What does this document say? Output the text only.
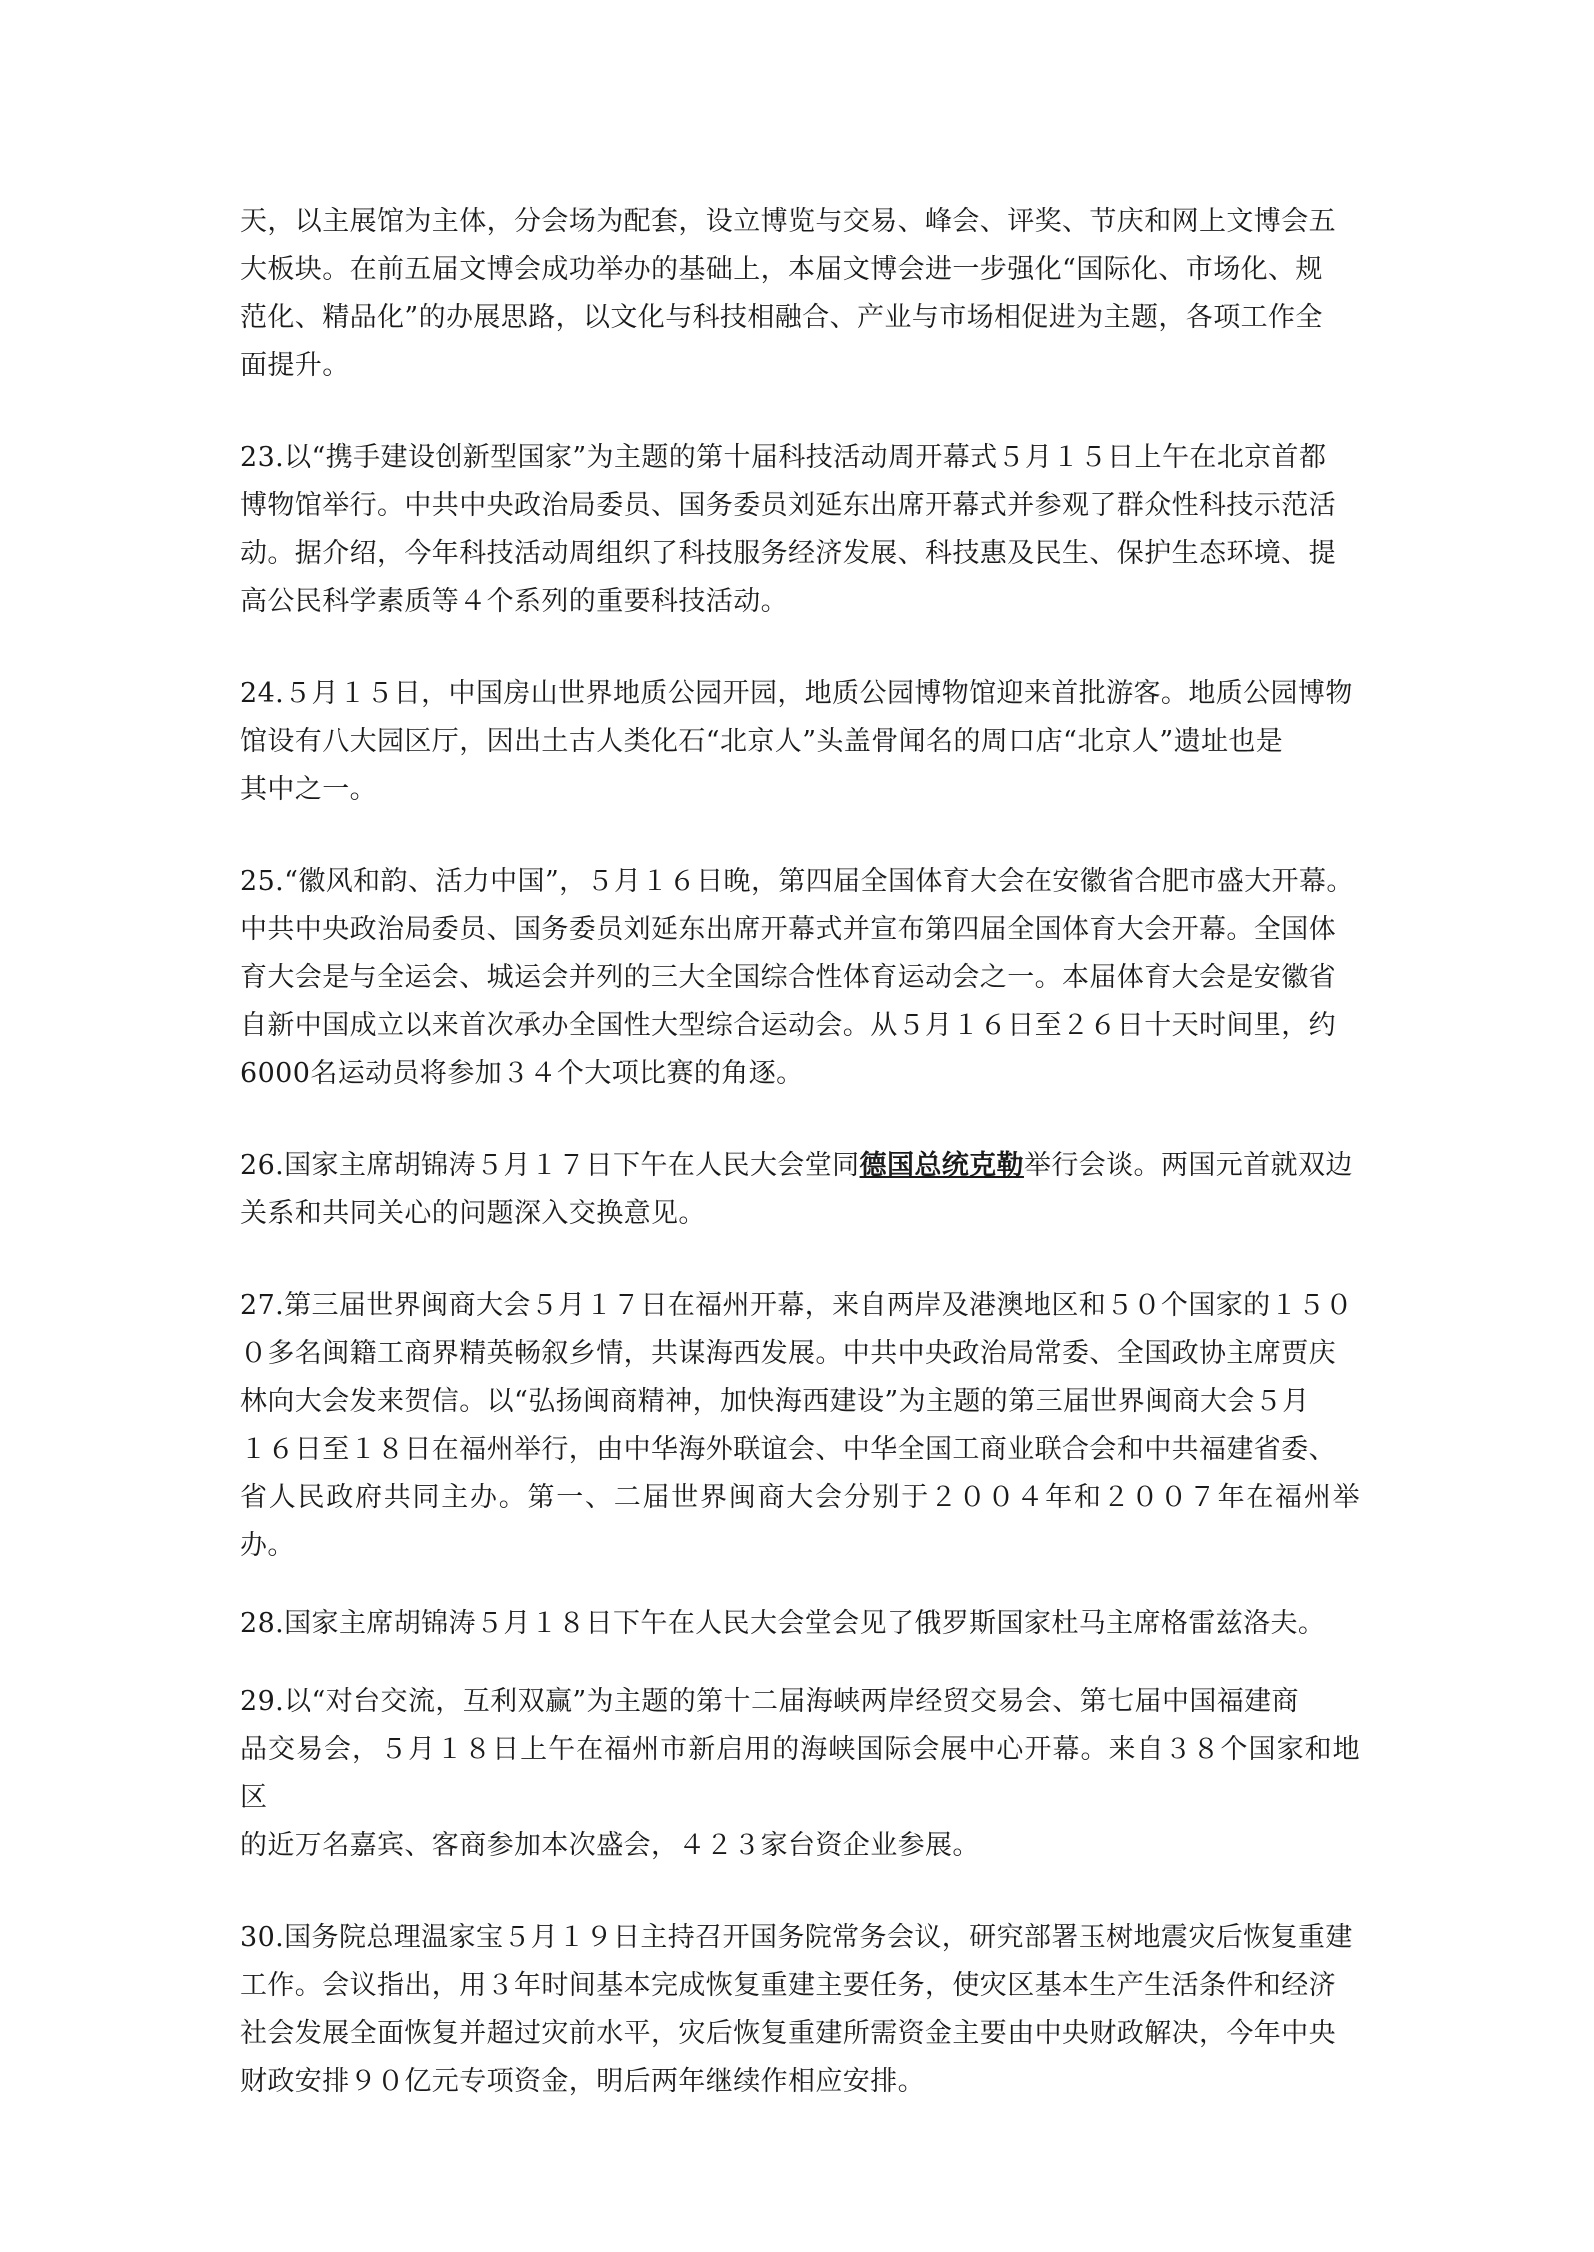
天，以主展馆为主体，分会场为配套，设立博览与交易、峰会、评奖、节庆和网上文博会五
大板块。在前五届文博会成功举办的基础上，本届文博会进一步强化“国际化、市场化、规
范化、精品化”的办展思路，以文化与科技相融合、产业与市场相促进为主题，各项工作全
面提升。

23.以“携手建设创新型国家”为主题的第十届科技活动周开幕式５月１５日上午在北京首都
博物馆举行。中共中央政治局委员、国务委员刘延东出席开幕式并参观了群众性科技示范活
动。据介绍，今年科技活动周组织了科技服务经济发展、科技惠及民生、保护生态环境、提
高公民科学素质等４个系列的重要科技活动。

24.５月１５日，中国房山世界地质公园开园，地质公园博物馆迎来首批游客。地质公园博物
馆设有八大园区厅，因出土古人类化石“北京人”头盖骨闻名的周口店“北京人”遗址也是
其中之一。

25.“徽风和韵、活力中国”，５月１６日晚，第四届全国体育大会在安徽省合肥市盛大开幕。
中共中央政治局委员、国务委员刘延东出席开幕式并宣布第四届全国体育大会开幕。全国体
育大会是与全运会、城运会并列的三大全国综合性体育运动会之一。本届体育大会是安徽省
自新中国成立以来首次承办全国性大型综合运动会。从５月１６日至２６日十天时间里，约
6000名运动员将参加３４个大项比赛的角逐。

26.国家主席胡锦涛５月１７日下午在人民大会堂同德国总统克勒举行会谈。两国元首就双边
关系和共同关心的问题深入交换意见。

27.第三届世界闽商大会５月１７日在福州开幕，来自两岸及港澳地区和５０个国家的１５０
０多名闽籍工商界精英畅叙乡情，共谋海西发展。中共中央政治局常委、全国政协主席贾庆
林向大会发来贺信。以“弘扬闽商精神，加快海西建设”为主题的第三届世界闽商大会５月
１６日至１８日在福州举行，由中华海外联谊会、中华全国工商业联合会和中共福建省委、
省人民政府共同主办。第一、二届世界闽商大会分别于２００４年和２００７年在福州举办。

28.国家主席胡锦涛５月１８日下午在人民大会堂会见了俄罗斯国家杜马主席格雷兹洛夫。

29.以“对台交流，互利双赢”为主题的第十二届海峡两岸经贸交易会、第七届中国福建商
品交易会，５月１８日上午在福州市新启用的海峡国际会展中心开幕。来自３８个国家和地区
的近万名嘉宾、客商参加本次盛会，４２３家台资企业参展。

30.国务院总理温家宝５月１９日主持召开国务院常务会议，研究部署玉树地震灾后恢复重建
工作。会议指出，用３年时间基本完成恢复重建主要任务，使灾区基本生产生活条件和经济
社会发展全面恢复并超过灾前水平，灾后恢复重建所需资金主要由中央财政解决，今年中央
财政安排９０亿元专项资金，明后两年继续作相应安排。
